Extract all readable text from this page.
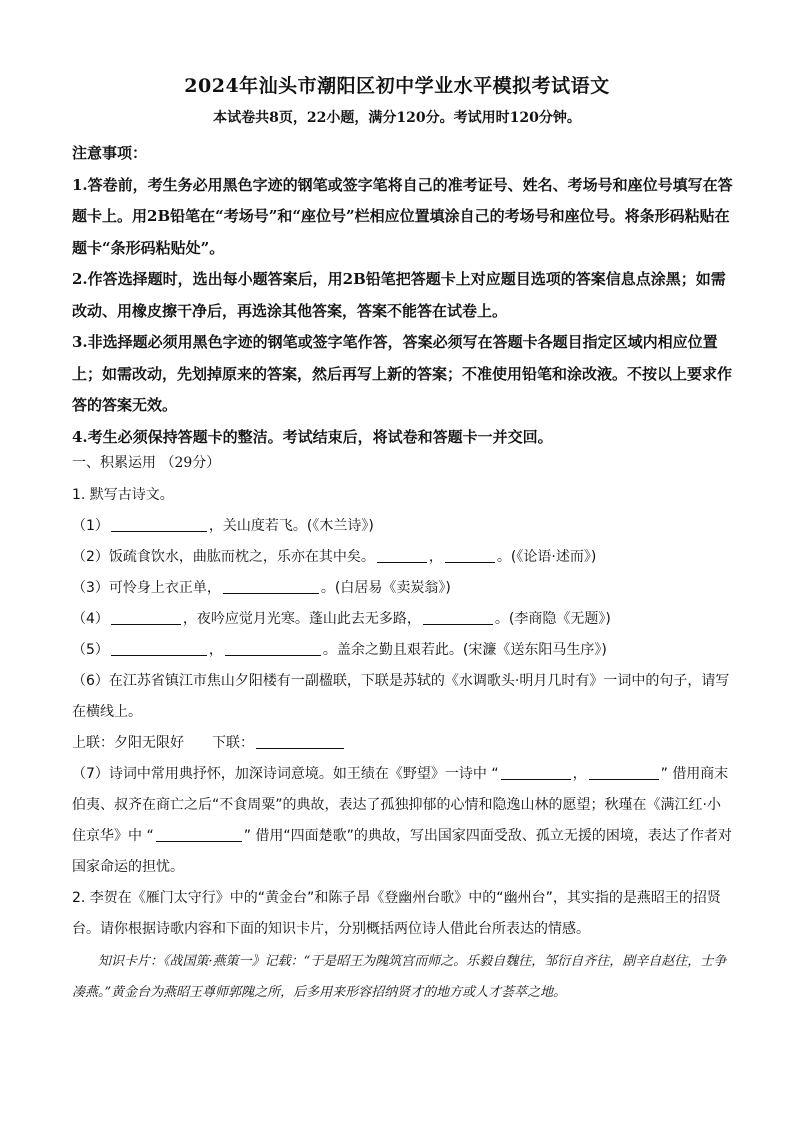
2024年汕头市潮阳区初中学业水平模拟考试语文
本试卷共8页，22小题，满分120分。考试用时120分钟。

注意事项：

1.答卷前，考生务必用黑色字迹的钢笔或签字笔将自己的准考证号、姓名、考场号和座位号填写在答题卡上。用2B铅笔在“考场号”和“座位号”栏相应位置填涂自己的考场号和座位号。将条形码粘贴在题卡“条形码粘贴处”。

2.作答选择题时，选出每小题答案后，用2B铅笔把答题卡上对应题目选项的答案信息点涂黑；如需改动、用橡皮擦干净后，再选涂其他答案，答案不能答在试卷上。

3.非选择题必须用黑色字迹的钢笔或签字笔作答，答案必须写在答题卡各题目指定区域内相应位置上；如需改动，先划掉原来的答案，然后再写上新的答案；不准使用铅笔和涂改液。不按以上要求作答的答案无效。

4.考生必须保持答题卡的整洁。考试结束后，将试卷和答题卡一并交回。

一、积累运用 （29分）

1. 默写古诗文。

（1）	，关山度若飞。(《木兰诗》)

（2）饭疏食饮水，曲肱而枕之，乐亦在其中矣。	，	。(《论语·述而》)

（3）可怜身上衣正单，	。(白居易《卖炭翁》)

（4）	，夜吟应觉月光寒。蓬山此去无多路，	。(李商隐《无题》)

（5）	，	。盖余之勤且艰若此。(宋濂《送东阳马生序》)

（6）在江苏省镇江市焦山夕阳楼有一副楹联，下联是苏轼的《水调歌头·明月几时有》一词中的句子，请写在横线上。

上联：夕阳无限好 下联：

（7）诗词中常用典抒怀，加深诗词意境。如王绩在《野望》一诗中 “	，	” 借用商末伯夷、叔齐在商亡之后“不食周粟”的典故，表达了孤独抑郁的心情和隐逸山林的愿望；秋瑾在《满江红·小住京华》中 “	” 借用“四面楚歌”的典故，写出国家四面受敌、孤立无援的困境，表达了作者对国家命运的担忧。

2. 李贺在《雁门太守行》中的“黄金台”和陈子昂《登幽州台歌》中的“幽州台”，其实指的是燕昭王的招贤台。请你根据诗歌内容和下面的知识卡片，分别概括两位诗人借此台所表达的情感。

知识卡片：《战国策·燕策一》记载：“于是昭王为隗筑宫而师之。乐毅自魏往，邹衍自齐往，剧辛自赵往，士争凑燕。”黄金台为燕昭王尊师郭隗之所，后多用来形容招纳贤才的地方或人才荟萃之地。
